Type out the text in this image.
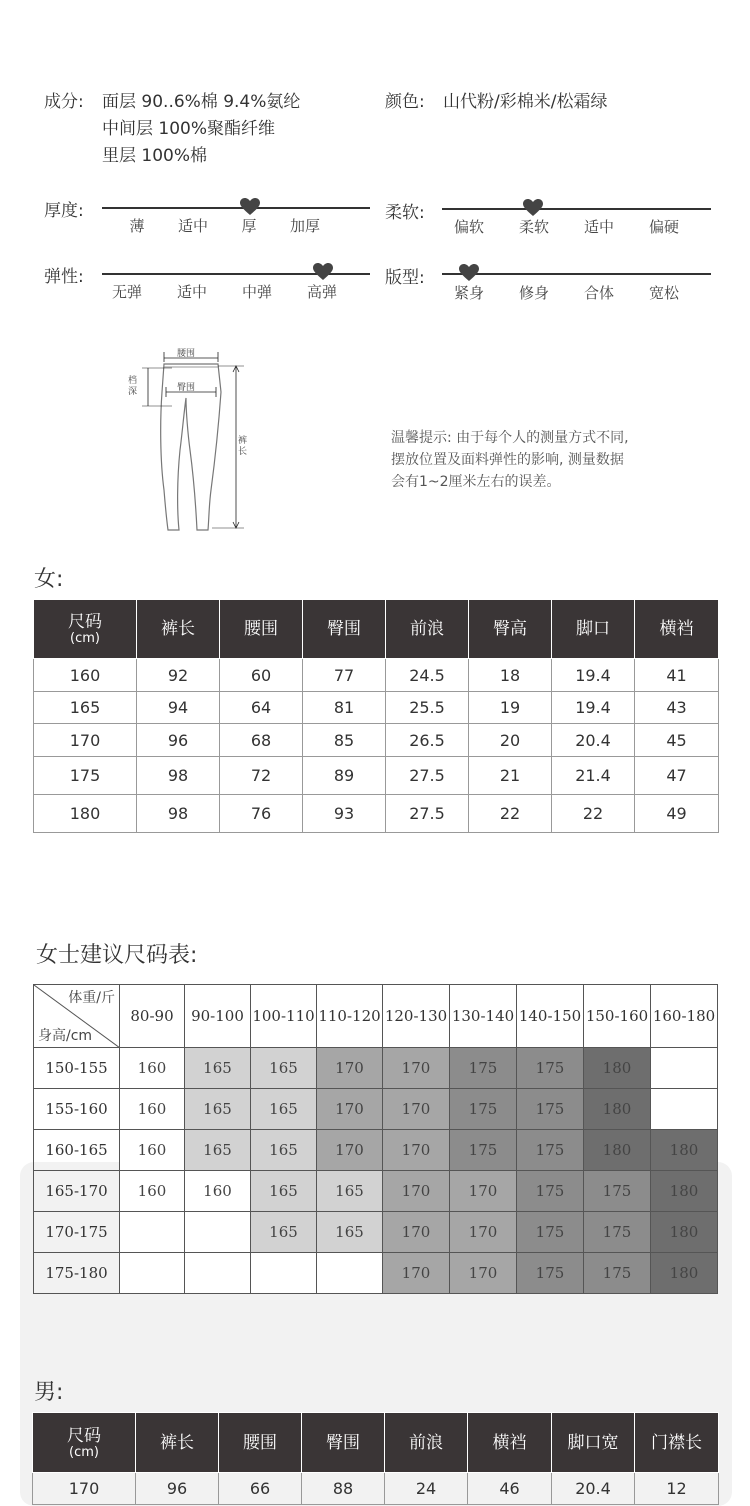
成分: 面层 90..6%棉 9.4%氨纶
中间层 100%聚酯纤维
里层 100%棉
颜色: 山代粉/彩棉米/松霜绿
厚度:
薄	适中	厚	加厚
柔软:
偏软	柔软	适中	偏硬
弹性:
无弹	适中	中弹	高弹
版型:
紧身	修身	合体	宽松
腰围
臀围
档深
裤长
温馨提示: 由于每个人的测量方式不同,
摆放位置及面料弹性的影响, 测量数据
会有1~2厘米左右的误差。
女:
尺码
(cm)	裤长	腰围	臀围	前浪	臀高	脚口	横裆
160	92	60	77	24.5	18	19.4	41
165	94	64	81	25.5	19	19.4	43
170	96	68	85	26.5	20	20.4	45
175	98	72	89	27.5	21	21.4	47
180	98	76	93	27.5	22	22	49
女士建议尺码表:
体重/斤
身高/cm	80-90	90-100	100-110	110-120	120-130	130-140	140-150	150-160	160-180
150-155	160	165	165	170	170	175	175	180	
155-160	160	165	165	170	170	175	175	180	
160-165	160	165	165	170	170	175	175	180	180
165-170	160	160	165	165	170	170	175	175	180
170-175			165	165	170	170	175	175	180
175-180					170	170	175	175	180
男:
尺码
(cm)	裤长	腰围	臀围	前浪	横裆	脚口宽	门襟长
170	96	66	88	24	46	20.4	12
